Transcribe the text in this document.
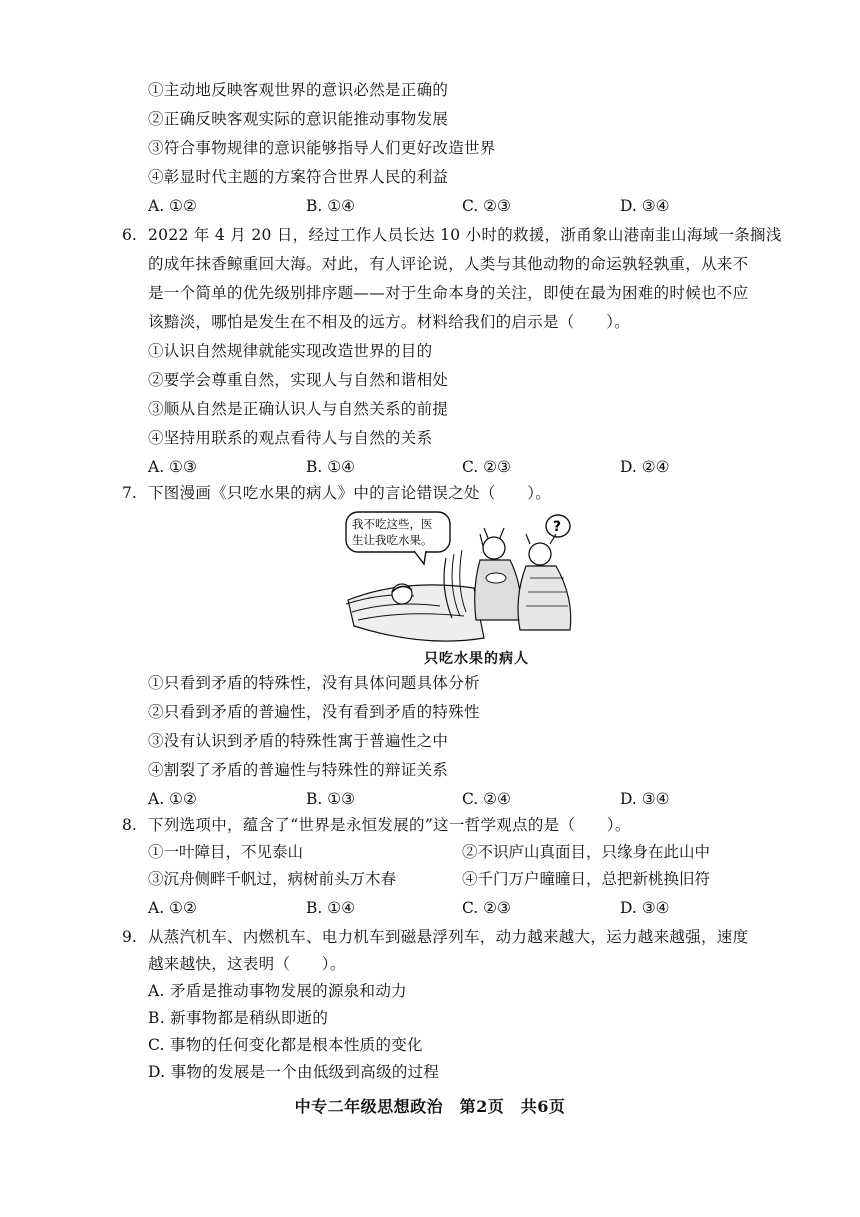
①主动地反映客观世界的意识必然是正确的
②正确反映客观实际的意识能推动事物发展
③符合事物规律的意识能够指导人们更好改造世界
④彰显时代主题的方案符合世界人民的利益
A. ①②	B. ①④	C. ②③	D. ③④
6. 2022 年 4 月 20 日，经过工作人员长达 10 小时的救援，浙甬象山港南韭山海域一条搁浅
的成年抹香鲸重回大海。对此，有人评论说，人类与其他动物的命运孰轻孰重，从来不
是一个简单的优先级别排序题——对于生命本身的关注，即使在最为困难的时候也不应
该黯淡，哪怕是发生在不相及的远方。材料给我们的启示是（　　）。
①认识自然规律就能实现改造世界的目的
②要学会尊重自然，实现人与自然和谐相处
③顺从自然是正确认识人与自然关系的前提
④坚持用联系的观点看待人与自然的关系
A. ①③	B. ①④	C. ②③	D. ②④
7. 下图漫画《只吃水果的病人》中的言论错误之处（　　）。
我不吃这些，医
生让我吃水果。
?
只吃水果的病人
①只看到矛盾的特殊性，没有具体问题具体分析
②只看到矛盾的普遍性，没有看到矛盾的特殊性
③没有认识到矛盾的特殊性寓于普遍性之中
④割裂了矛盾的普遍性与特殊性的辩证关系
A. ①②	B. ①③	C. ②④	D. ③④
8. 下列选项中，蕴含了“世界是永恒发展的”这一哲学观点的是（　　）。
①一叶障目，不见泰山	②不识庐山真面目，只缘身在此山中
③沉舟侧畔千帆过，病树前头万木春	④千门万户曈曈日，总把新桃换旧符
A. ①②	B. ①④	C. ②③	D. ③④
9. 从蒸汽机车、内燃机车、电力机车到磁悬浮列车，动力越来越大，运力越来越强，速度
越来越快，这表明（　　）。
A. 矛盾是推动事物发展的源泉和动力
B. 新事物都是稍纵即逝的
C. 事物的任何变化都是根本性质的变化
D. 事物的发展是一个由低级到高级的过程
中专二年级思想政治　第2页　共6页
